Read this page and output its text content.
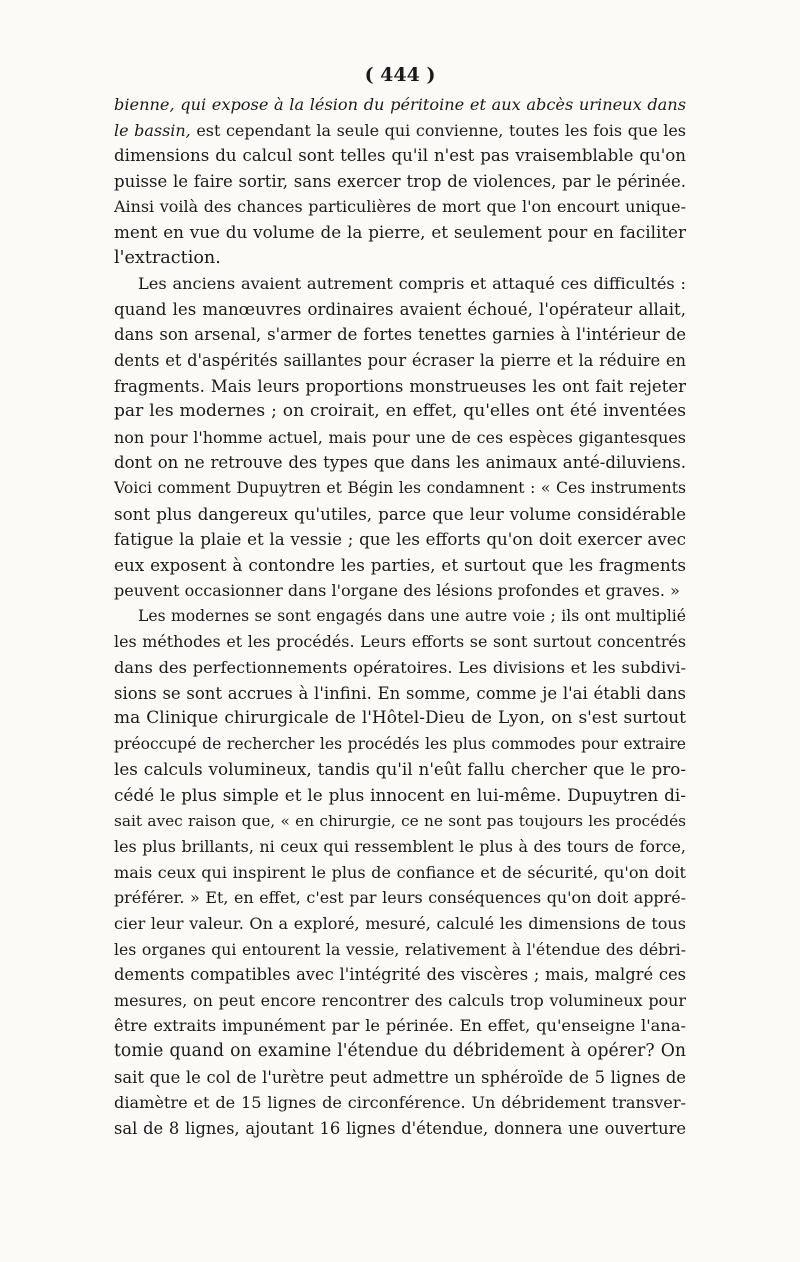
( 444 )
bienne, qui expose à la lésion du péritoine et aux abcès urineux dans
le bassin, est cependant la seule qui convienne, toutes les fois que les
dimensions du calcul sont telles qu'il n'est pas vraisemblable qu'on
puisse le faire sortir, sans exercer trop de violences, par le périnée.
Ainsi voilà des chances particulières de mort que l'on encourt unique-
ment en vue du volume de la pierre, et seulement pour en faciliter
l'extraction.
Les anciens avaient autrement compris et attaqué ces difficultés :
quand les manœuvres ordinaires avaient échoué, l'opérateur allait,
dans son arsenal, s'armer de fortes tenettes garnies à l'intérieur de
dents et d'aspérités saillantes pour écraser la pierre et la réduire en
fragments. Mais leurs proportions monstrueuses les ont fait rejeter
par les modernes ; on croirait, en effet, qu'elles ont été inventées
non pour l'homme actuel, mais pour une de ces espèces gigantesques
dont on ne retrouve des types que dans les animaux anté-diluviens.
Voici comment Dupuytren et Bégin les condamnent : « Ces instruments
sont plus dangereux qu'utiles, parce que leur volume considérable
fatigue la plaie et la vessie ; que les efforts qu'on doit exercer avec
eux exposent à contondre les parties, et surtout que les fragments
peuvent occasionner dans l'organe des lésions profondes et graves. »
Les modernes se sont engagés dans une autre voie ; ils ont multiplié
les méthodes et les procédés. Leurs efforts se sont surtout concentrés
dans des perfectionnements opératoires. Les divisions et les subdivi-
sions se sont accrues à l'infini. En somme, comme je l'ai établi dans
ma Clinique chirurgicale de l'Hôtel-Dieu de Lyon, on s'est surtout
préoccupé de rechercher les procédés les plus commodes pour extraire
les calculs volumineux, tandis qu'il n'eût fallu chercher que le pro-
cédé le plus simple et le plus innocent en lui-même. Dupuytren di-
sait avec raison que, « en chirurgie, ce ne sont pas toujours les procédés
les plus brillants, ni ceux qui ressemblent le plus à des tours de force,
mais ceux qui inspirent le plus de confiance et de sécurité, qu'on doit
préférer. » Et, en effet, c'est par leurs conséquences qu'on doit appré-
cier leur valeur. On a exploré, mesuré, calculé les dimensions de tous
les organes qui entourent la vessie, relativement à l'étendue des débri-
dements compatibles avec l'intégrité des viscères ; mais, malgré ces
mesures, on peut encore rencontrer des calculs trop volumineux pour
être extraits impunément par le périnée. En effet, qu'enseigne l'ana-
tomie quand on examine l'étendue du débridement à opérer? On
sait que le col de l'urètre peut admettre un sphéroïde de 5 lignes de
diamètre et de 15 lignes de circonférence. Un débridement transver-
sal de 8 lignes, ajoutant 16 lignes d'étendue, donnera une ouverture
